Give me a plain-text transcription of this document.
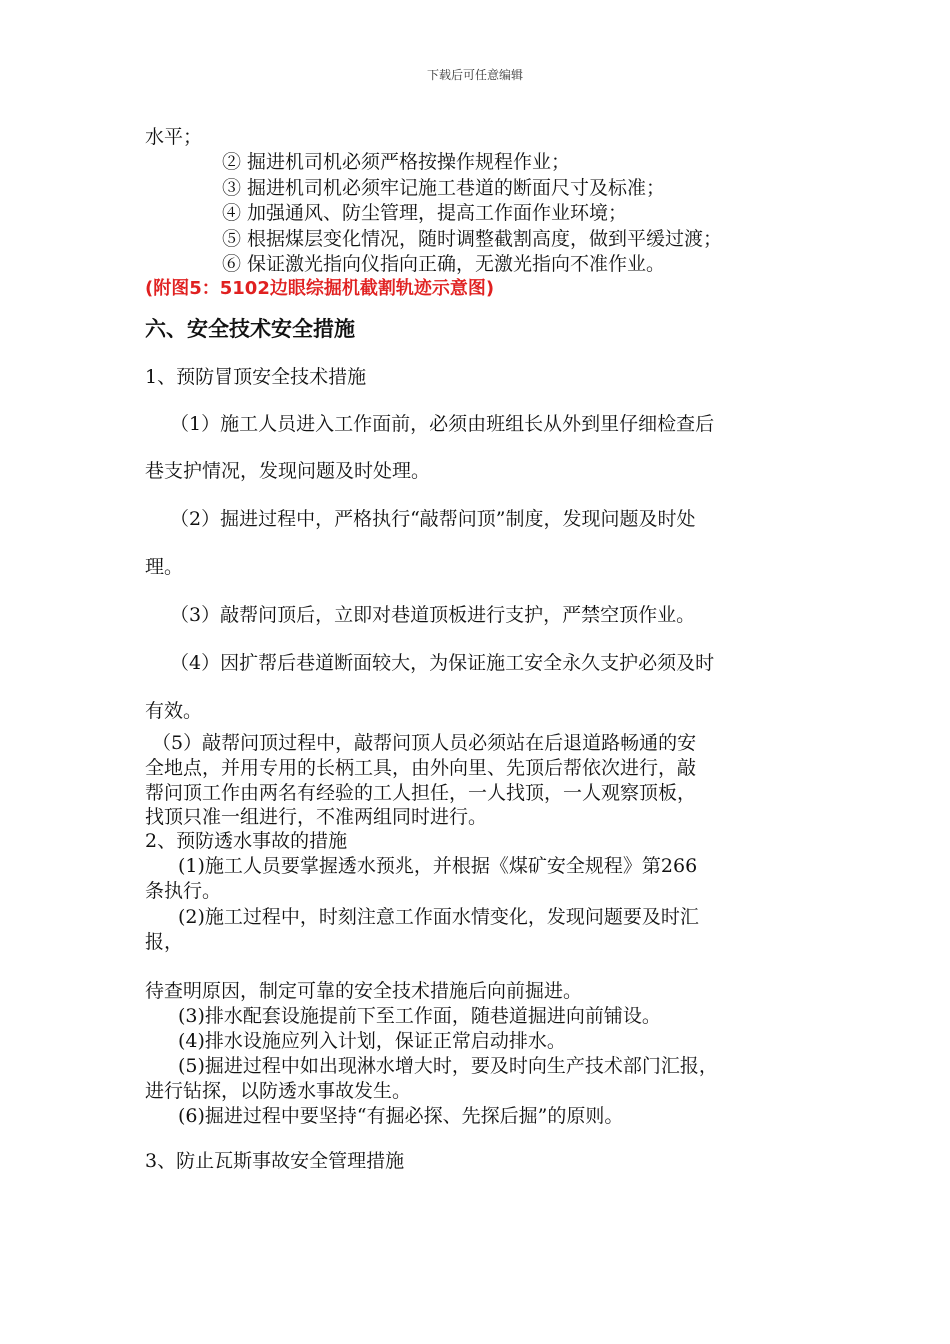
下载后可任意编辑
水平；
② 掘进机司机必须严格按操作规程作业；
③ 掘进机司机必须牢记施工巷道的断面尺寸及标准；
④ 加强通风、防尘管理，提高工作面作业环境；
⑤ 根据煤层变化情况，随时调整截割高度，做到平缓过渡；
⑥ 保证激光指向仪指向正确，无激光指向不准作业。
(附图5：5102边眼综掘机截割轨迹示意图)
六、安全技术安全措施
1、预防冒顶安全技术措施
（1）施工人员进入工作面前，必须由班组长从外到里仔细检查后
巷支护情况，发现问题及时处理。
（2）掘进过程中，严格执行“敲帮问顶”制度，发现问题及时处
理。
（3）敲帮问顶后，立即对巷道顶板进行支护，严禁空顶作业。
（4）因扩帮后巷道断面较大，为保证施工安全永久支护必须及时
有效。
（5）敲帮问顶过程中，敲帮问顶人员必须站在后退道路畅通的安
全地点，并用专用的长柄工具，由外向里、先顶后帮依次进行，敲
帮问顶工作由两名有经验的工人担任，一人找顶，一人观察顶板，
找顶只准一组进行，不准两组同时进行。
2、预防透水事故的措施
(1)施工人员要掌握透水预兆，并根据《煤矿安全规程》第266
条执行。
(2)施工过程中，时刻注意工作面水情变化，发现问题要及时汇
报，
待查明原因，制定可靠的安全技术措施后向前掘进。
(3)排水配套设施提前下至工作面，随巷道掘进向前铺设。
(4)排水设施应列入计划，保证正常启动排水。
(5)掘进过程中如出现淋水增大时，要及时向生产技术部门汇报，
进行钻探，以防透水事故发生。
(6)掘进过程中要坚持“有掘必探、先探后掘”的原则。
3、防止瓦斯事故安全管理措施
